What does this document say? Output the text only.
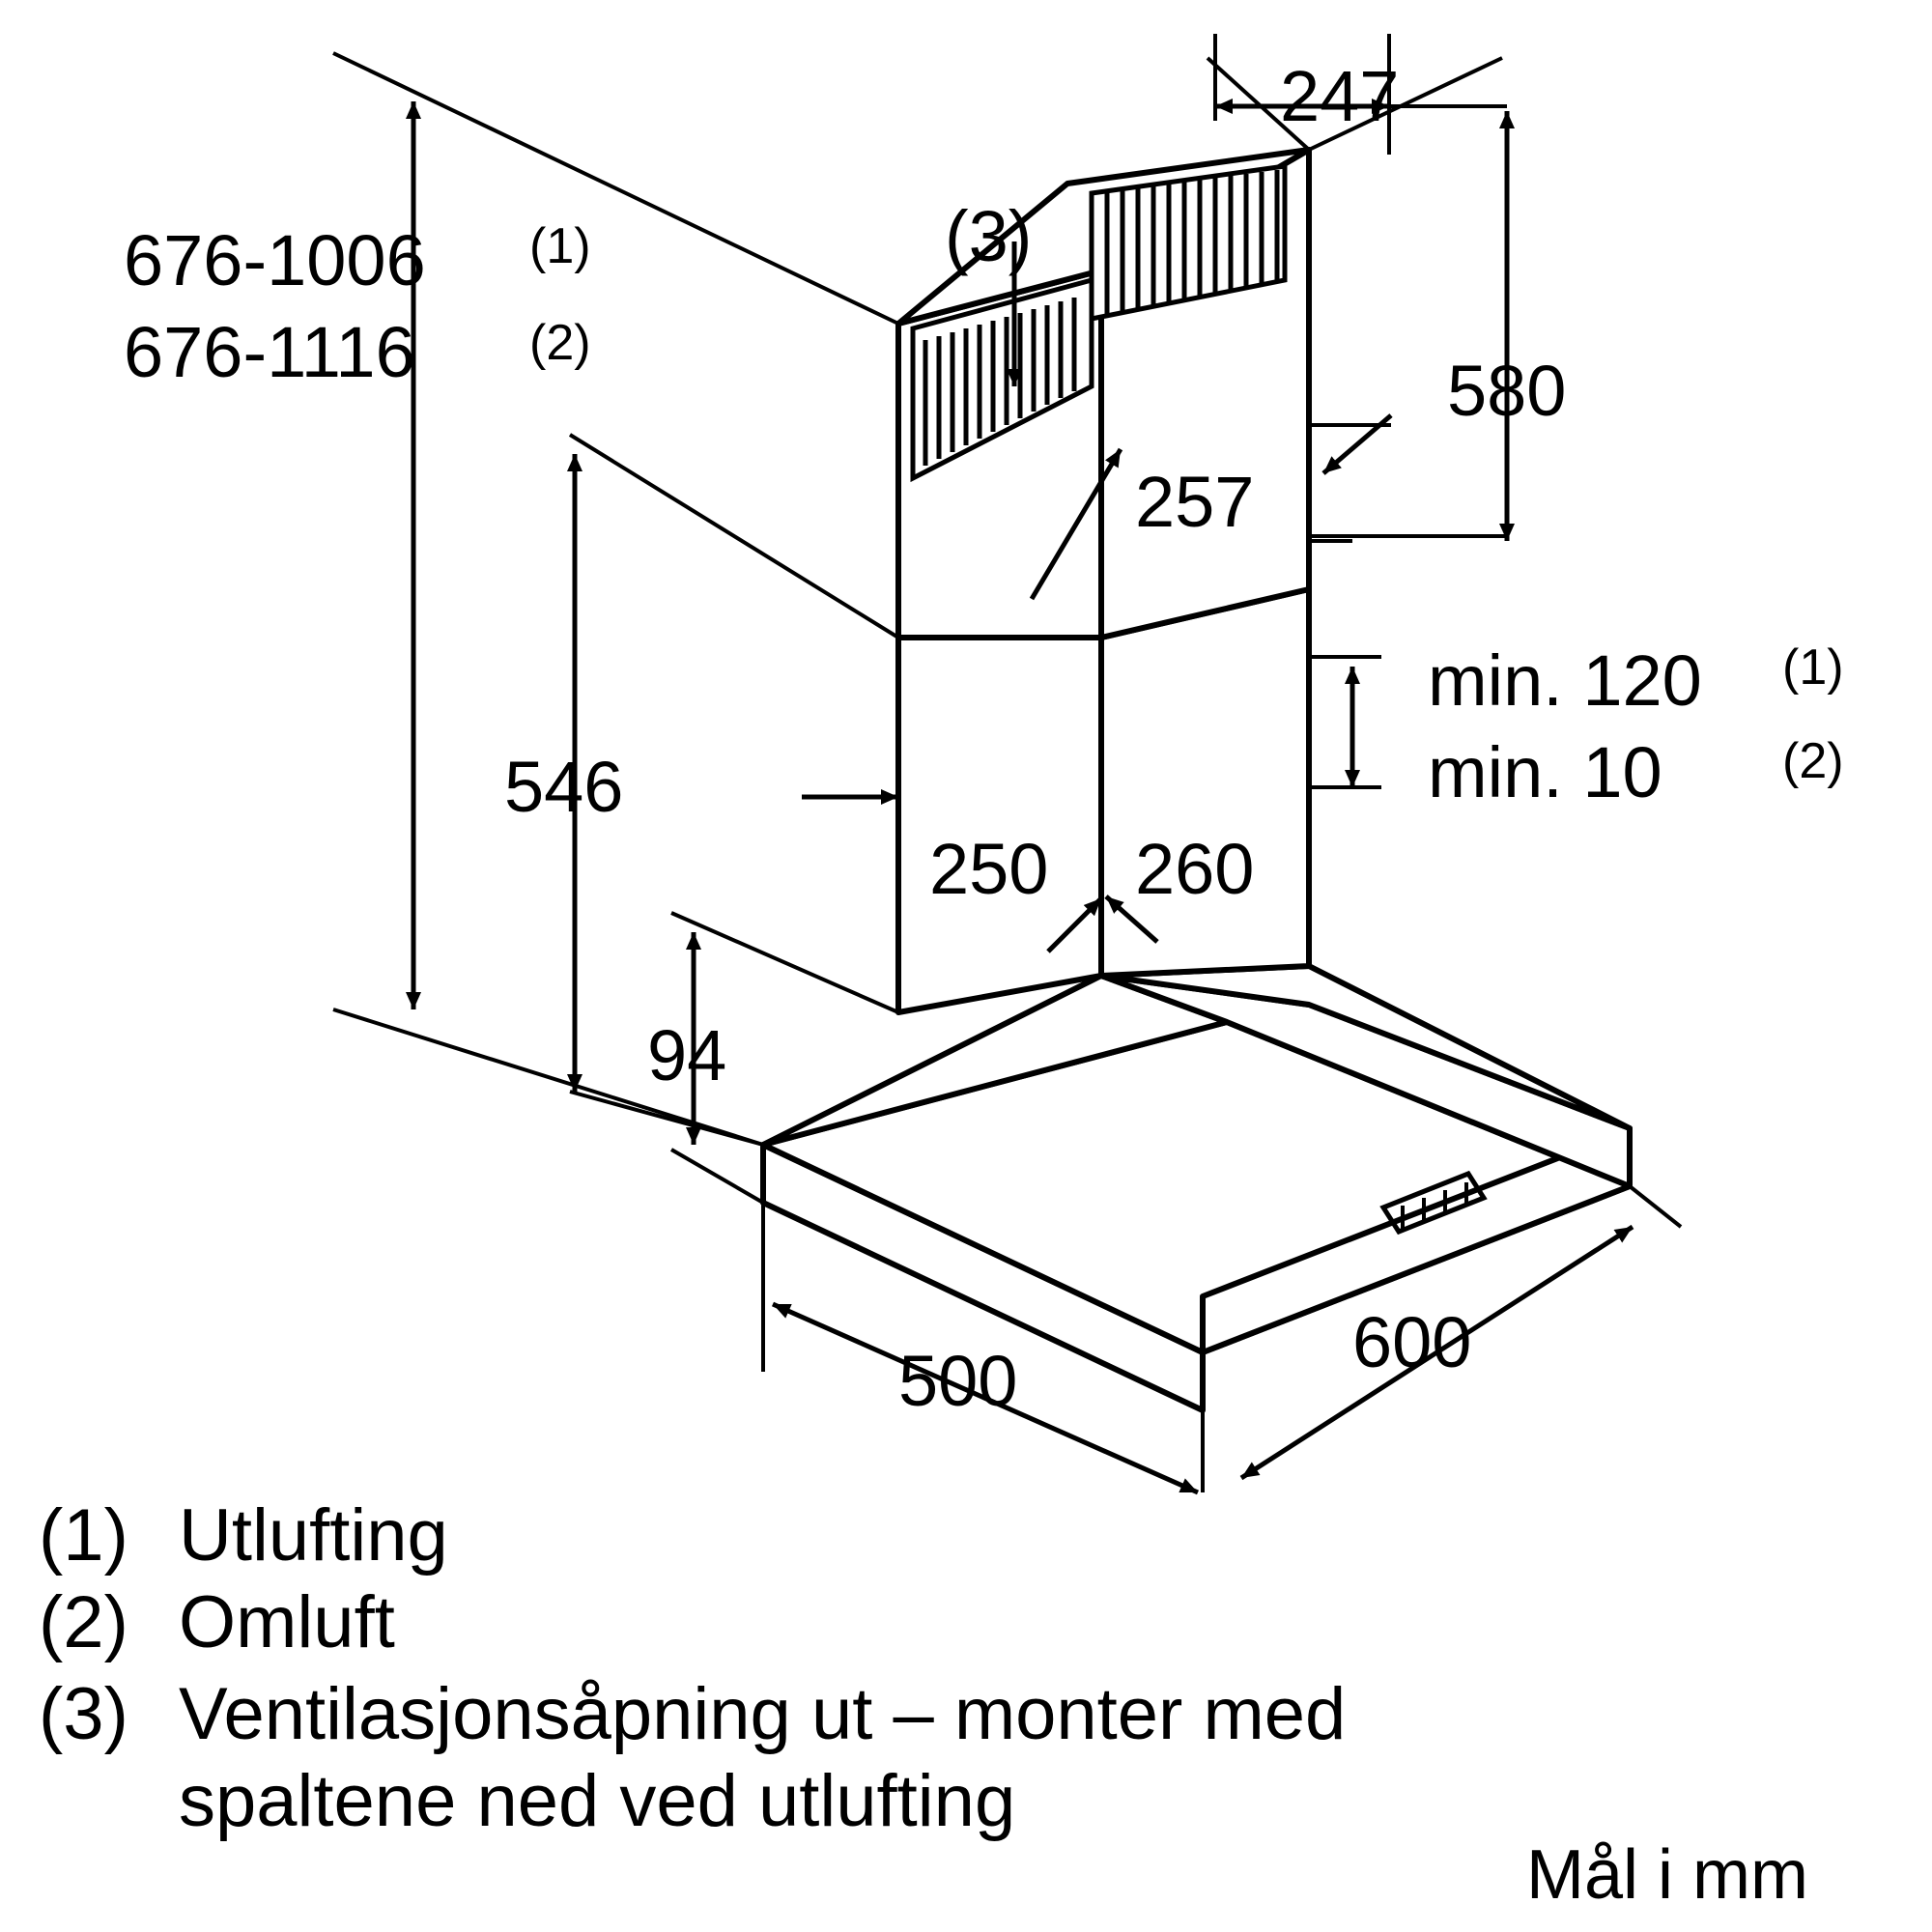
676-1006 (1)
676-1116 (2)
546
94
247
580
257
min. 120 (1)
min. 10 (2)
250 260
500	600
(3)
(1) Utlufting
(2) Omluft
(3) Ventilasjonsåpning ut – monter med
spaltene ned ved utlufting
Mål i mm
